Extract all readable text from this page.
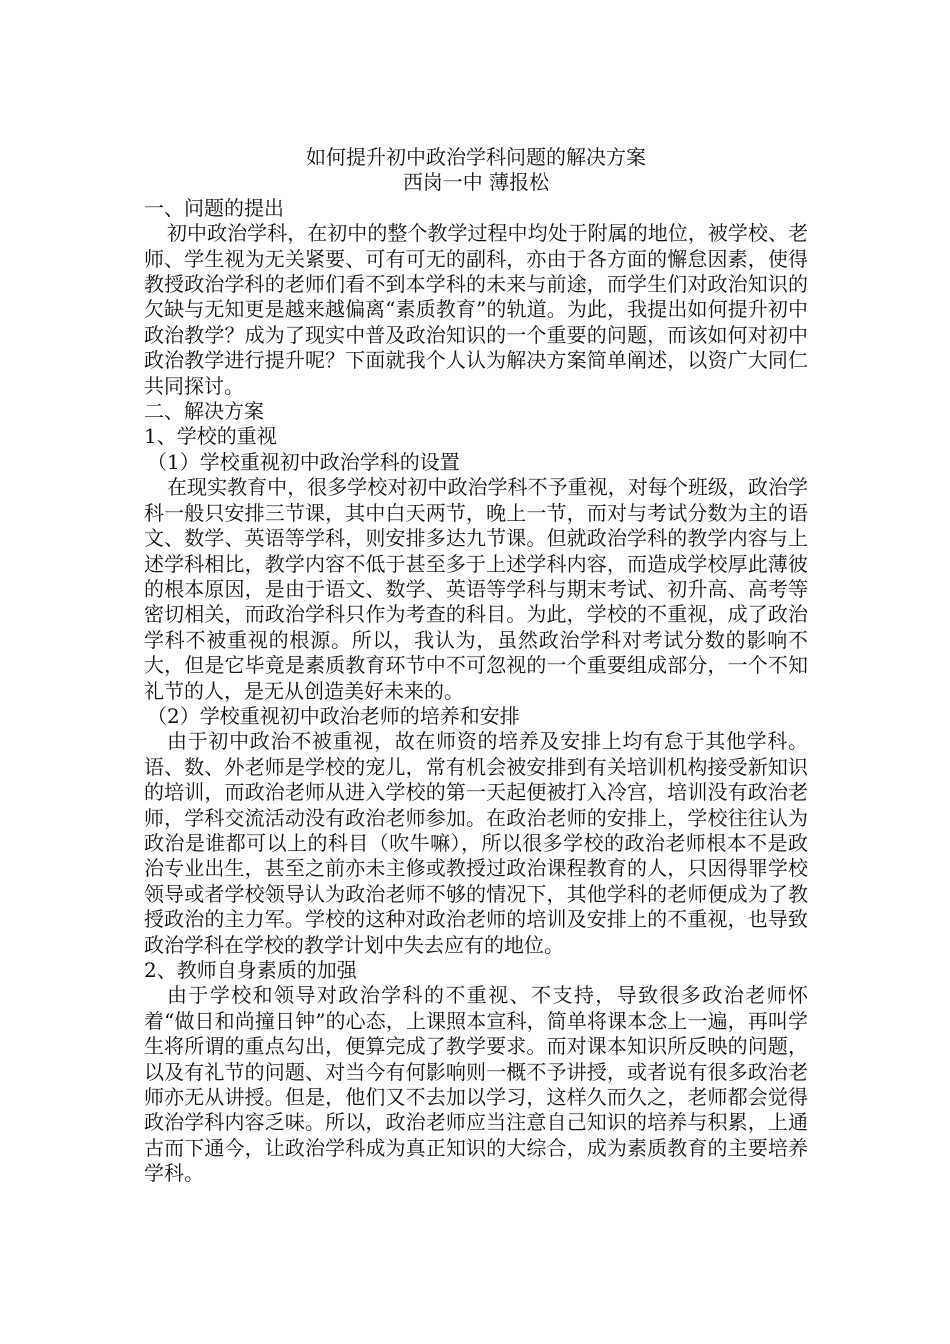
如何提升初中政治学科问题的解决方案
西岗一中 薄报松
一、问题的提出
初中政治学科，在初中的整个教学过程中均处于附属的地位，被学校、老师、学生视为无关紧要、可有可无的副科，亦由于各方面的懈怠因素，使得教授政治学科的老师们看不到本学科的未来与前途，而学生们对政治知识的欠缺与无知更是越来越偏离“素质教育”的轨道。为此，我提出如何提升初中政治教学？成为了现实中普及政治知识的一个重要的问题，而该如何对初中政治教学进行提升呢？下面就我个人认为解决方案简单阐述，以资广大同仁共同探讨。
二、解决方案
1、学校的重视
（1）学校重视初中政治学科的设置
在现实教育中，很多学校对初中政治学科不予重视，对每个班级，政治学科一般只安排三节课，其中白天两节，晚上一节，而对与考试分数为主的语文、数学、英语等学科，则安排多达九节课。但就政治学科的教学内容与上述学科相比，教学内容不低于甚至多于上述学科内容，而造成学校厚此薄彼的根本原因，是由于语文、数学、英语等学科与期末考试、初升高、高考等密切相关，而政治学科只作为考查的科目。为此，学校的不重视，成了政治学科不被重视的根源。所以，我认为，虽然政治学科对考试分数的影响不大，但是它毕竟是素质教育环节中不可忽视的一个重要组成部分，一个不知礼节的人，是无从创造美好未来的。
（2）学校重视初中政治老师的培养和安排
由于初中政治不被重视，故在师资的培养及安排上均有怠于其他学科。语、数、外老师是学校的宠儿，常有机会被安排到有关培训机构接受新知识的培训，而政治老师从进入学校的第一天起便被打入冷宫，培训没有政治老师，学科交流活动没有政治老师参加。在政治老师的安排上，学校往往认为政治是谁都可以上的科目（吹牛嘛），所以很多学校的政治老师根本不是政治专业出生，甚至之前亦未主修或教授过政治课程教育的人，只因得罪学校领导或者学校领导认为政治老师不够的情况下，其他学科的老师便成为了教授政治的主力军。学校的这种对政治老师的培训及安排上的不重视，也导致政治学科在学校的教学计划中失去应有的地位。
2、教师自身素质的加强
由于学校和领导对政治学科的不重视、不支持，导致很多政治老师怀着“做日和尚撞日钟”的心态，上课照本宣科，简单将课本念上一遍，再叫学生将所谓的重点勾出，便算完成了教学要求。而对课本知识所反映的问题，以及有礼节的问题、对当今有何影响则一概不予讲授，或者说有很多政治老师亦无从讲授。但是，他们又不去加以学习，这样久而久之，老师都会觉得政治学科内容乏味。所以，政治老师应当注意自己知识的培养与积累，上通古而下通今，让政治学科成为真正知识的大综合，成为素质教育的主要培养学科。
